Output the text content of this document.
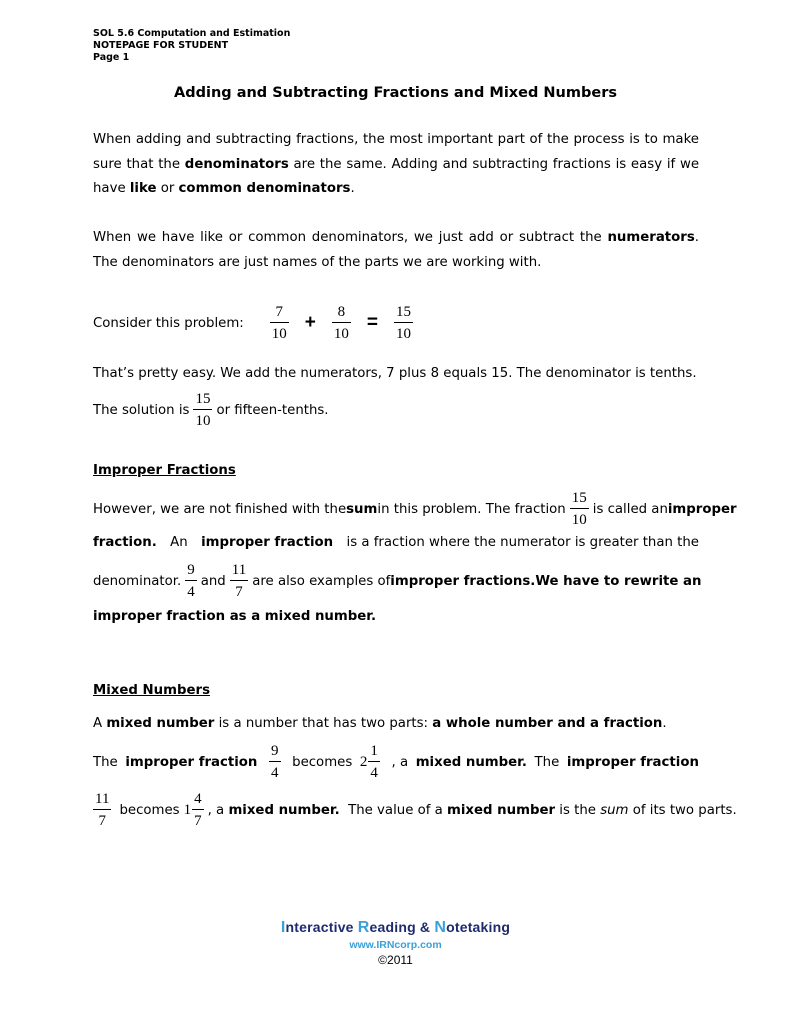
SOL 5.6 Computation and Estimation
NOTEPAGE FOR STUDENT
Page 1
Adding and Subtracting Fractions and Mixed Numbers
When adding and subtracting fractions, the most important part of the process is to make sure that the denominators are the same. Adding and subtracting fractions is easy if we have like or common denominators.
When we have like or common denominators, we just add or subtract the numerators. The denominators are just names of the parts we are working with.
Consider this problem: $\frac{7}{10} + \frac{8}{10} = \frac{15}{10}$
That’s pretty easy. We add the numerators, 7 plus 8 equals 15. The denominator is tenths.
The solution is $\frac{15}{10}$ or fifteen-tenths.
Improper Fractions
However, we are not finished with the sum in this problem. The fraction $\frac{15}{10}$ is called an improper
fraction. An improper fraction is a fraction where the numerator is greater than the
denominator. $\frac{9}{4}$ and $\frac{11}{7}$ are also examples of improper fractions. We have to rewrite an
improper fraction as a mixed number.
Mixed Numbers
A mixed number is a number that has two parts: a whole number and a fraction.
The improper fraction $\frac{9}{4}$ becomes $2 \frac{1}{4}$ , a mixed number. The improper fraction
$\frac{11}{7}$ becomes $1 \frac{4}{7}$ , a mixed number.  The value of a mixed number is the sum of its two parts.
Interactive Reading & Notetaking
www.IRNcorp.com
©2011
